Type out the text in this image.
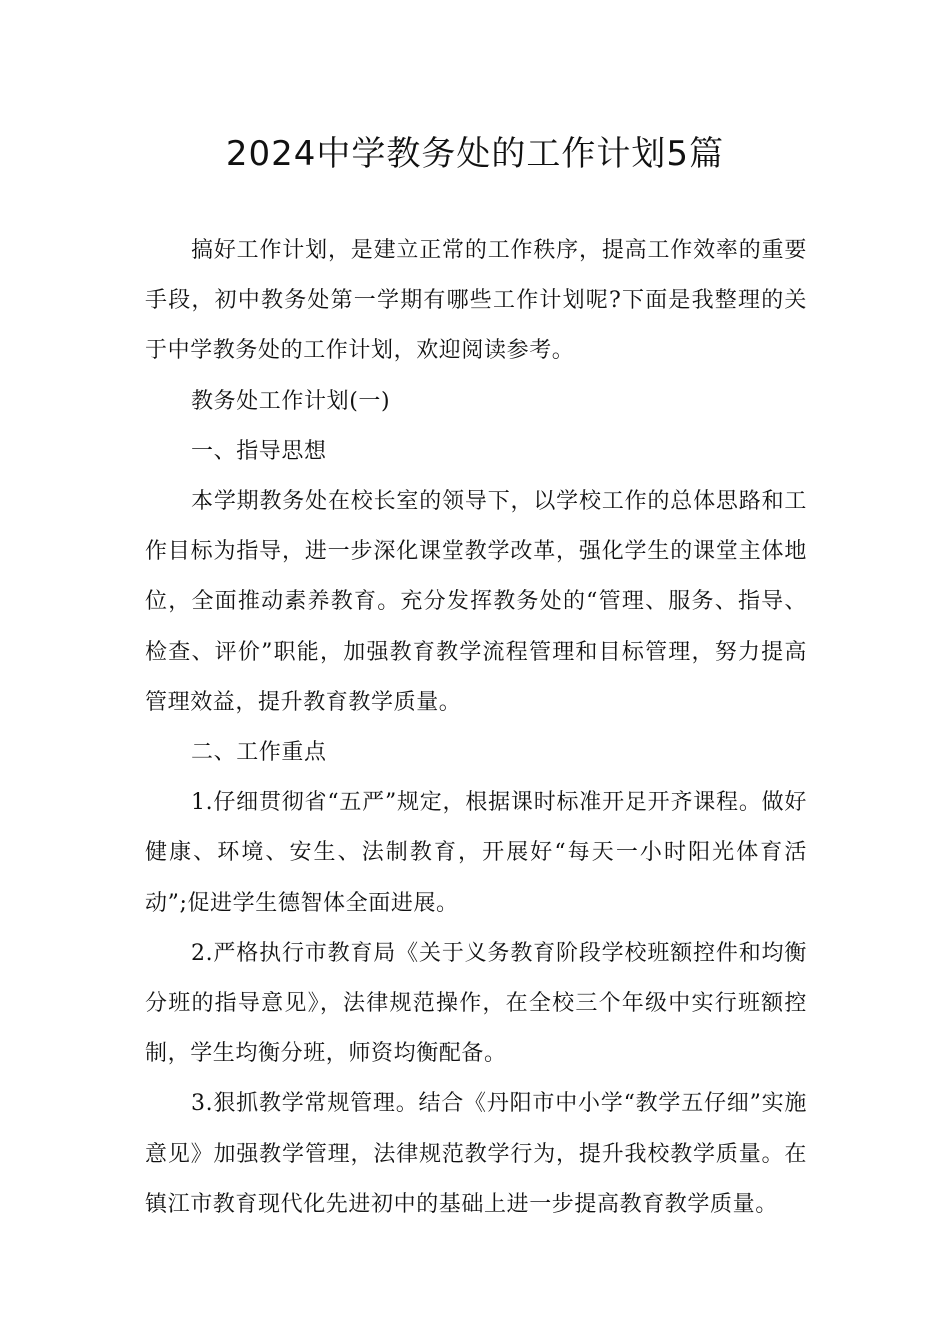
2024中学教务处的工作计划5篇

搞好工作计划，是建立正常的工作秩序，提高工作效率的重要手段，初中教务处第一学期有哪些工作计划呢?下面是我整理的关于中学教务处的工作计划，欢迎阅读参考。

教务处工作计划(一)

一、指导思想

本学期教务处在校长室的领导下，以学校工作的总体思路和工作目标为指导，进一步深化课堂教学改革，强化学生的课堂主体地位，全面推动素养教育。充分发挥教务处的“管理、服务、指导、检查、评价”职能，加强教育教学流程管理和目标管理，努力提高管理效益，提升教育教学质量。

二、工作重点

1.仔细贯彻省“五严”规定，根据课时标准开足开齐课程。做好健康、环境、安生、法制教育，开展好“每天一小时阳光体育活动”;促进学生德智体全面进展。

2.严格执行市教育局《关于义务教育阶段学校班额控件和均衡分班的指导意见》，法律规范操作，在全校三个年级中实行班额控制，学生均衡分班，师资均衡配备。

3.狠抓教学常规管理。结合《丹阳市中小学“教学五仔细”实施意见》加强教学管理，法律规范教学行为，提升我校教学质量。在镇江市教育现代化先进初中的基础上进一步提高教育教学质量。
